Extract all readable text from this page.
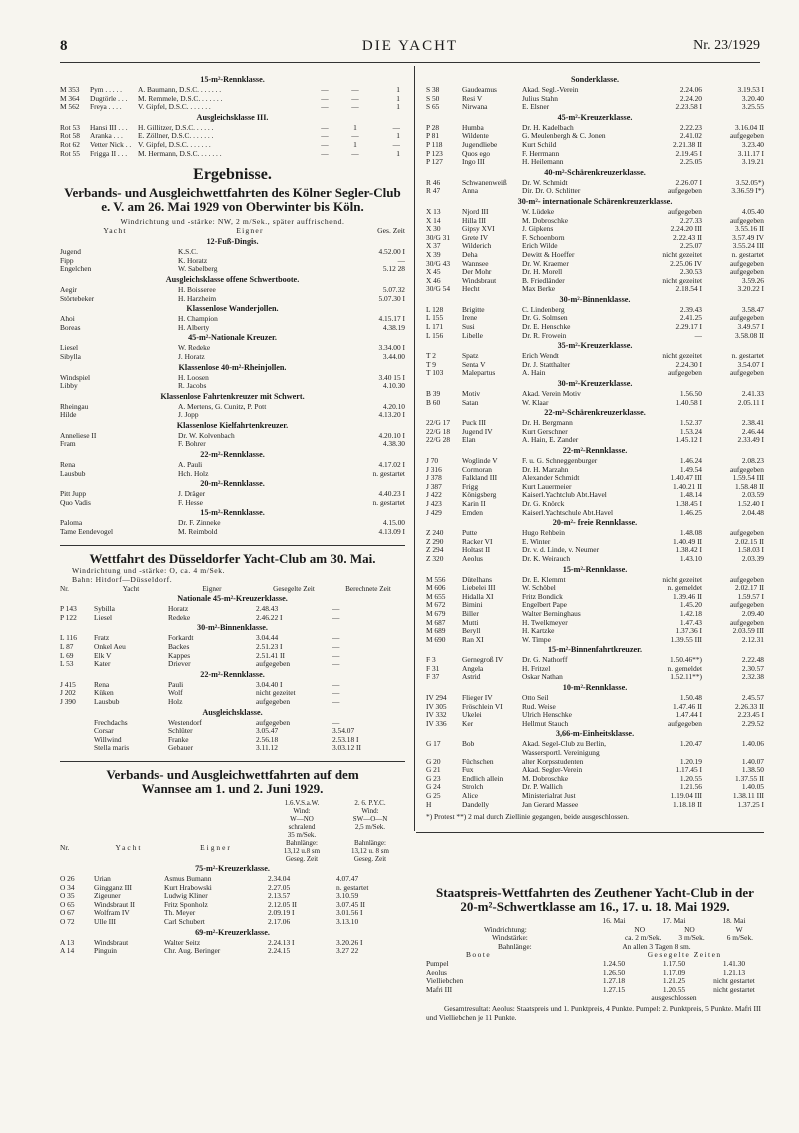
8	DIE YACHT	Nr. 23/1929
15-m²-Rennklasse.
M 353	Pym . . . . .	A. Baumann, D.S.C. . . . . . .	—	—	1
M 364	Dugtörle . . .	M. Remmele, D.S.C. . . . . . .	—	—	1
M 562	Freya . . . .	V. Gipfel, D.S.C. . . . . . .	—	—	1
Ausgleichsklasse III.
Rot 53	Hansi III . . .	H. Gillitzer, D.S.C. . . . . .	—	1	—
Rot 58	Aranka . . .	E. Zöllner, D.S.C. . . . . . .	—	—	1
Rot 62	Vetter Nick . . V. Gipfel, D.S.C. . . . . . .	—	1	—
Rot 55	Frigga II . . .	M. Hermann, D.S.C. . . . . . .	—	—	1
Ergebnisse.
Verbands- und Ausgleichwettfahrten des Kölner Segler-Club e. V. am 26. Mai 1929 von Oberwinter bis Köln.
Windrichtung und -stärke: NW, 2 m/Sek., später auffrischend.
Yacht	Eigner	Ges. Zeit
12-Fuß-Dingis.
Jugend	K.S.C.	4.52.00 I
Fipp	K. Horatz	—
Engelchen	W. Sabelberg	5.12 28
Ausgleichsklasse offene Schwertboote.
Aegir	H. Boisseree	5.07.32
Störtebeker	H. Harzheim	5.07.30 I
Klassenlose Wanderjollen.
Ahoi	H. Champion	4.15.17 I
Boreas	H. Alberty	4.38.19
45-m²-Nationale Kreuzer.
Liesel	W. Redeke	3.34.00 I
Sibylla	J. Horatz	3.44.00
Klassenlose 40-m²-Rheinjollen.
Windspiel	H. Loosen	3.40 15 I
Libby	R. Jacobs	4.10.30
Klassenlose Fahrtenkreuzer mit Schwert.
Rheingau	A. Mertens, G. Cunitz, P. Pott	4.20.10
Hilde	J. Jopp	4.13.20 I
Klassenlose Kielfahrtenkreuzer.
Anneliese II	Dr. W. Kolvenbach	4.20.10 I
Fram	F. Bohrer	4.38.30
22-m²-Rennklasse.
Rena	A. Pauli	4.17.02 I
Lausbub	Hch. Holz	n. gestartet
20-m²-Rennklasse.
Pitt Jupp	J. Dräger	4.40.23 I
Quo Vadis	F. Hesse	n. gestartet
15-m²-Rennklasse.
Paloma	Dr. F. Zinneke	4.15.00
Tame Eendevogel	M. Reimbold	4.13.09 I
Wettfahrt des Düsseldorfer Yacht-Club am 30. Mai.
Windrichtung und -stärke: O, ca. 4 m/Sek.
Bahn: Hitdorf—Düsseldorf.
Nr.	Yacht	Eigner	Gesegelte Zeit	Berechnete Zeit
Nationale 45-m²-Kreuzerklasse.
P 143	Sybilla	Horatz	2.48.43	—
P 122	Liesel	Redeke	2.46.22 I	—
30-m²-Binnenklasse.
L 116	Fratz	Forkardt	3.04.44	—
L 87	Onkel Aeu	Backes	2.51.23 I	—
L 69	Elk V	Kappes	2.51.41 II	—
L 53	Kater	Driever	aufgegeben	—
22-m²-Rennklasse.
J 415	Rena	Pauli	3.04.40 I	—
J 202	Küken	Wolf	nicht gezeitet	—
J 390	Lausbub	Holz	aufgegeben	—
Ausgleichsklasse.
Frechdachs	Westendorf	aufgegeben	—
Corsar	Schlüter	3.05.47	3.54.07
Willwind	Franke	2.56.18	2.53.18 I
Stella maris	Gebauer	3.11.12	3.03.12 II
Verbands- und Ausgleichwettfahrten auf dem Wannsee am 1. und 2. Juni 1929.
Nr.	Yacht	Eigner
1.6.V.S.a.W.
Wind:
W—NO
schralend
35 m/Sek.
Bahnlänge:
13,12 u.8 sm
Geseg. Zeit
2. 6. P.Y.C.
Wind:
SW—O—N
2,5 m/Sek.
Bahnlänge:
13,12 u. 8 sm
Geseg. Zeit
75-m²-Kreuzerklasse.
O 26	Urian	Asmus Bumann	2.34.04	4.07.47
O 34	Gingganz III	Kurt Hrabowski	2.27.05	n. gestartet
O 35	Zigeuner	Ludwig Kliner	2.13.57	3.10.59
O 65	Windsbraut II	Fritz Sponholz	2.12.05 II	3.07.45 II
O 67	Wolfram IV	Th. Meyer	2.09.19 I	3.01.56 I
O 72	Ulle III	Carl Schubert	2.17.06	3.13.10
69-m²-Kreuzerklasse.
A 13	Windsbraut	Walter Seitz	2.24.13 I	3.20.26 I
A 14	Pinguin	Chr. Aug. Beringer	2.24.15	3.27 22
Sonderklasse.
S 38	Gaudeamus	Akad. Segl.-Verein	2.24.06	3.19.53 I
S 50	Resi V	Julius Stahn	2.24.20	3.20.40
S 65	Nirwana	E. Elsner	2.23.58 I	3.25.55
45-m²-Kreuzerklasse.
P 28	Humba	Dr. H. Kadelbach	2.22.23	3.16.04 II
P 81	Wildente	G. Meulenbergh & C. Jonen	2.41.02	aufgegeben
P 118	Jugendliebe	Kurt Schild	2.21.38 II	3.23.40
P 123	Quos ego	F. Herrmann	2.19.45 I	3.11.17 I
P 127	Ingo III	H. Heilemann	2.25.05	3.19.21
40-m²-Schärenkreuzerklasse.
R 46	Schwanenweiß	Dr. W. Schmidt	2.26.07 I	3.52.05*)
R 47	Anna	Dir. Dr. O. Schlitter	aufgegeben	3.36.59 I*)
30-m²- internationale Schärenkreuzerklasse.
X 13	Njord III	W. Lüdeke	aufgegeben	4.05.40
X 14	Hilla III	M. Dobroschke	2.27.33	aufgegeben
X 30	Gipsy XVI	J. Gipkens	2.24.20 III	3.55.16 II
30/G 31	Grete IV	F. Schoenborn	2.22.43 II	3.57.49 IV
X 37	Wilderich	Erich Wilde	2.25.07	3.55.24 III
X 39	Deha	Dewitt & Hoeffer	nicht gezeitet	n. gestartet
30/G 43	Wannsee	Dr. W. Kraemer	2.25.06 IV	aufgegeben
X 45	Der Mohr	Dr. H. Morell	2.30.53	aufgegeben
X 46	Windsbraut	B. Friedländer	nicht gezeitet	3.59.26
30/G 54	Hecht	Max Berke	2.18.54 I	3.20.22 I
30-m²-Binnenklasse.
L 128	Brigitte	C. Lindenberg	2.39.43	3.58.47
L 155	Irene	Dr. G. Solmsen	2.41.25	aufgegeben
L 171	Susi	Dr. E. Henschke	2.29.17 I	3.49.57 I
L 156	Libelle	Dr. R. Frowein	—	3.58.08 II
35-m²-Kreuzerklasse.
T 2	Spatz	Erich Wendt	nicht gezeitet	n. gestartet
T 9	Senta V	Dr. J. Statthalter	2.24.30 I	3.54.07 I
T 103	Malepartus	A. Hain	aufgegeben	aufgegeben
30-m²-Kreuzerklasse.
B 39	Motiv	Akad. Verein Motiv	1.56.50	2.41.33
B 60	Satan	W. Klaar	1.40.58 I	2.05.11 I
22-m²-Schärenkreuzerklasse.
22/G 17	Puck III	Dr. H. Bergmann	1.52.37	2.38.41
22/G 18	Jugend IV	Kurt Gerschner	1.53.24	2.46.44
22/G 28	Elan	A. Hain, E. Zander	1.45.12 I	2.33.49 I
22-m²-Rennklasse.
J 70	Woglinde V	F. u. G. Schneggenburger	1.46.24	2.08.23
J 316	Cormoran	Dr. H. Marzahn	1.49.54	aufgegeben
J 378	Falkland III	Alexander Schmidt	1.40.47 III	1.59.54 III
J 387	Frigg	Kurt Lauermeier	1.40.21 II	1.58.48 II
J 422	Königsberg	Kaiserl.Yachtclub Abt.Havel	1.48.14	2.03.59
J 423	Karin II	Dr. G. Knörck	1.38.45 I	1.52.40 I
J 429	Emden	Kaiserl.Yachtschule Abt.Havel	1.46.25	2.04.48
20-m²- freie Rennklasse.
Z 240	Putte	Hugo Rehbein	1.48.08	aufgegeben
Z 290	Racker VI	E. Winter	1.40.49 II	2.02.15 II
Z 294	Holtast II	Dr. v. d. Linde, v. Neumer	1.38.42 I	1.58.03 I
Z 320	Aeolus	Dr. K. Weirauch	1.43.10	2.03.39
15-m²-Rennklasse.
M 556	Dütelhans	Dr. E. Klemmt	nicht gezeitet	aufgegeben
M 606	Liebelei III	W. Schöbel	n. gemeldet	2.02.17 II
M 655	Hidalla XI	Fritz Bondick	1.39.46 II	1.59.57 I
M 672	Bimini	Engelbert Pape	1.45.20	aufgegeben
M 679	Biller	Walter Berninghaus	1.42.18	2.09.40
M 687	Mutti	H. Twelkmeyer	1.47.43	aufgegeben
M 689	Beryll	H. Kartzke	1.37.36 I	2.03.59 III
M 690	Ran XI	W. Timpe	1.39.55 III	2.12.31
15-m²-Binnenfahrtkreuzer.
F 3	Gernegroß IV	Dr. G. Nathorff	1.50.46**)	2.22.48
F 31	Angela	H. Fritzel	n. gemeldet	2.30.57
F 37	Astrid	Oskar Nathan	1.52.11**)	2.32.38
10-m²-Rennklasse.
IV 294	Flieger IV	Otto Seil	1.50.48	2.45.57
IV 305	Fröschlein VI	Rud. Weise	1.47.46 II	2.26.33 II
IV 332	Ukelei	Ulrich Henschke	1.47.44 I	2.23.45 I
IV 336	Ker	Hellmut Stauch	aufgegeben	2.29.52
3,66-m-Einheitsklasse.
G 17	Bob	Akad. Segel-Club zu Berlin,	1.20.47	1.40.06
Wassersportl. Vereinigung
G 20	Füchschen	alter Korpsstudenten	1.20.19	1.40.07
G 21	Fux	Akad. Segler-Verein	1.17.45 I	1.38.50
G 23	Endlich allein	M. Dobroschke	1.20.55	1.37.55 II
G 24	Strolch	Dr. P. Wallich	1.21.56	1.40.05
G 25	Alice	Ministerialrat Just	1.19.04 III	1.38.11 III
H	Dandelly	Jan Gerard Massee	1.18.18 II	1.37.25 I
*) Protest **) 2 mal durch Ziellinie gegangen, beide ausgeschlossen.
Staatspreis-Wettfahrten des Zeuthener Yacht-Club in der 20-m²-Schwertklasse am 16., 17. u. 18. Mai 1929.
16. Mai	17. Mai	18. Mai
Windrichtung:	NO	NO	W
Windstärke:	ca. 2 m/Sek.	3 m/Sek.	6 m/Sek.
Bahnlänge:	An allen 3 Tagen 8 sm.
Boote	Gesegelte Zeiten
Pumpel	1.24.50	1.17.50	1.41.30
Aeolus	1.26.50	1.17.09	1.21.13
Vielliebchen	1.27.18	1.21.25	nicht gestartet
Mafri III	1.27.15	1.20.55	nicht gestartet
ausgeschlossen
Gesamtresultat: Aeolus: Staatspreis und 1. Punktpreis, 4 Punkte. Pumpel: 2. Punktpreis, 5 Punkte. Mafri III und Vielliebchen je 11 Punkte.
